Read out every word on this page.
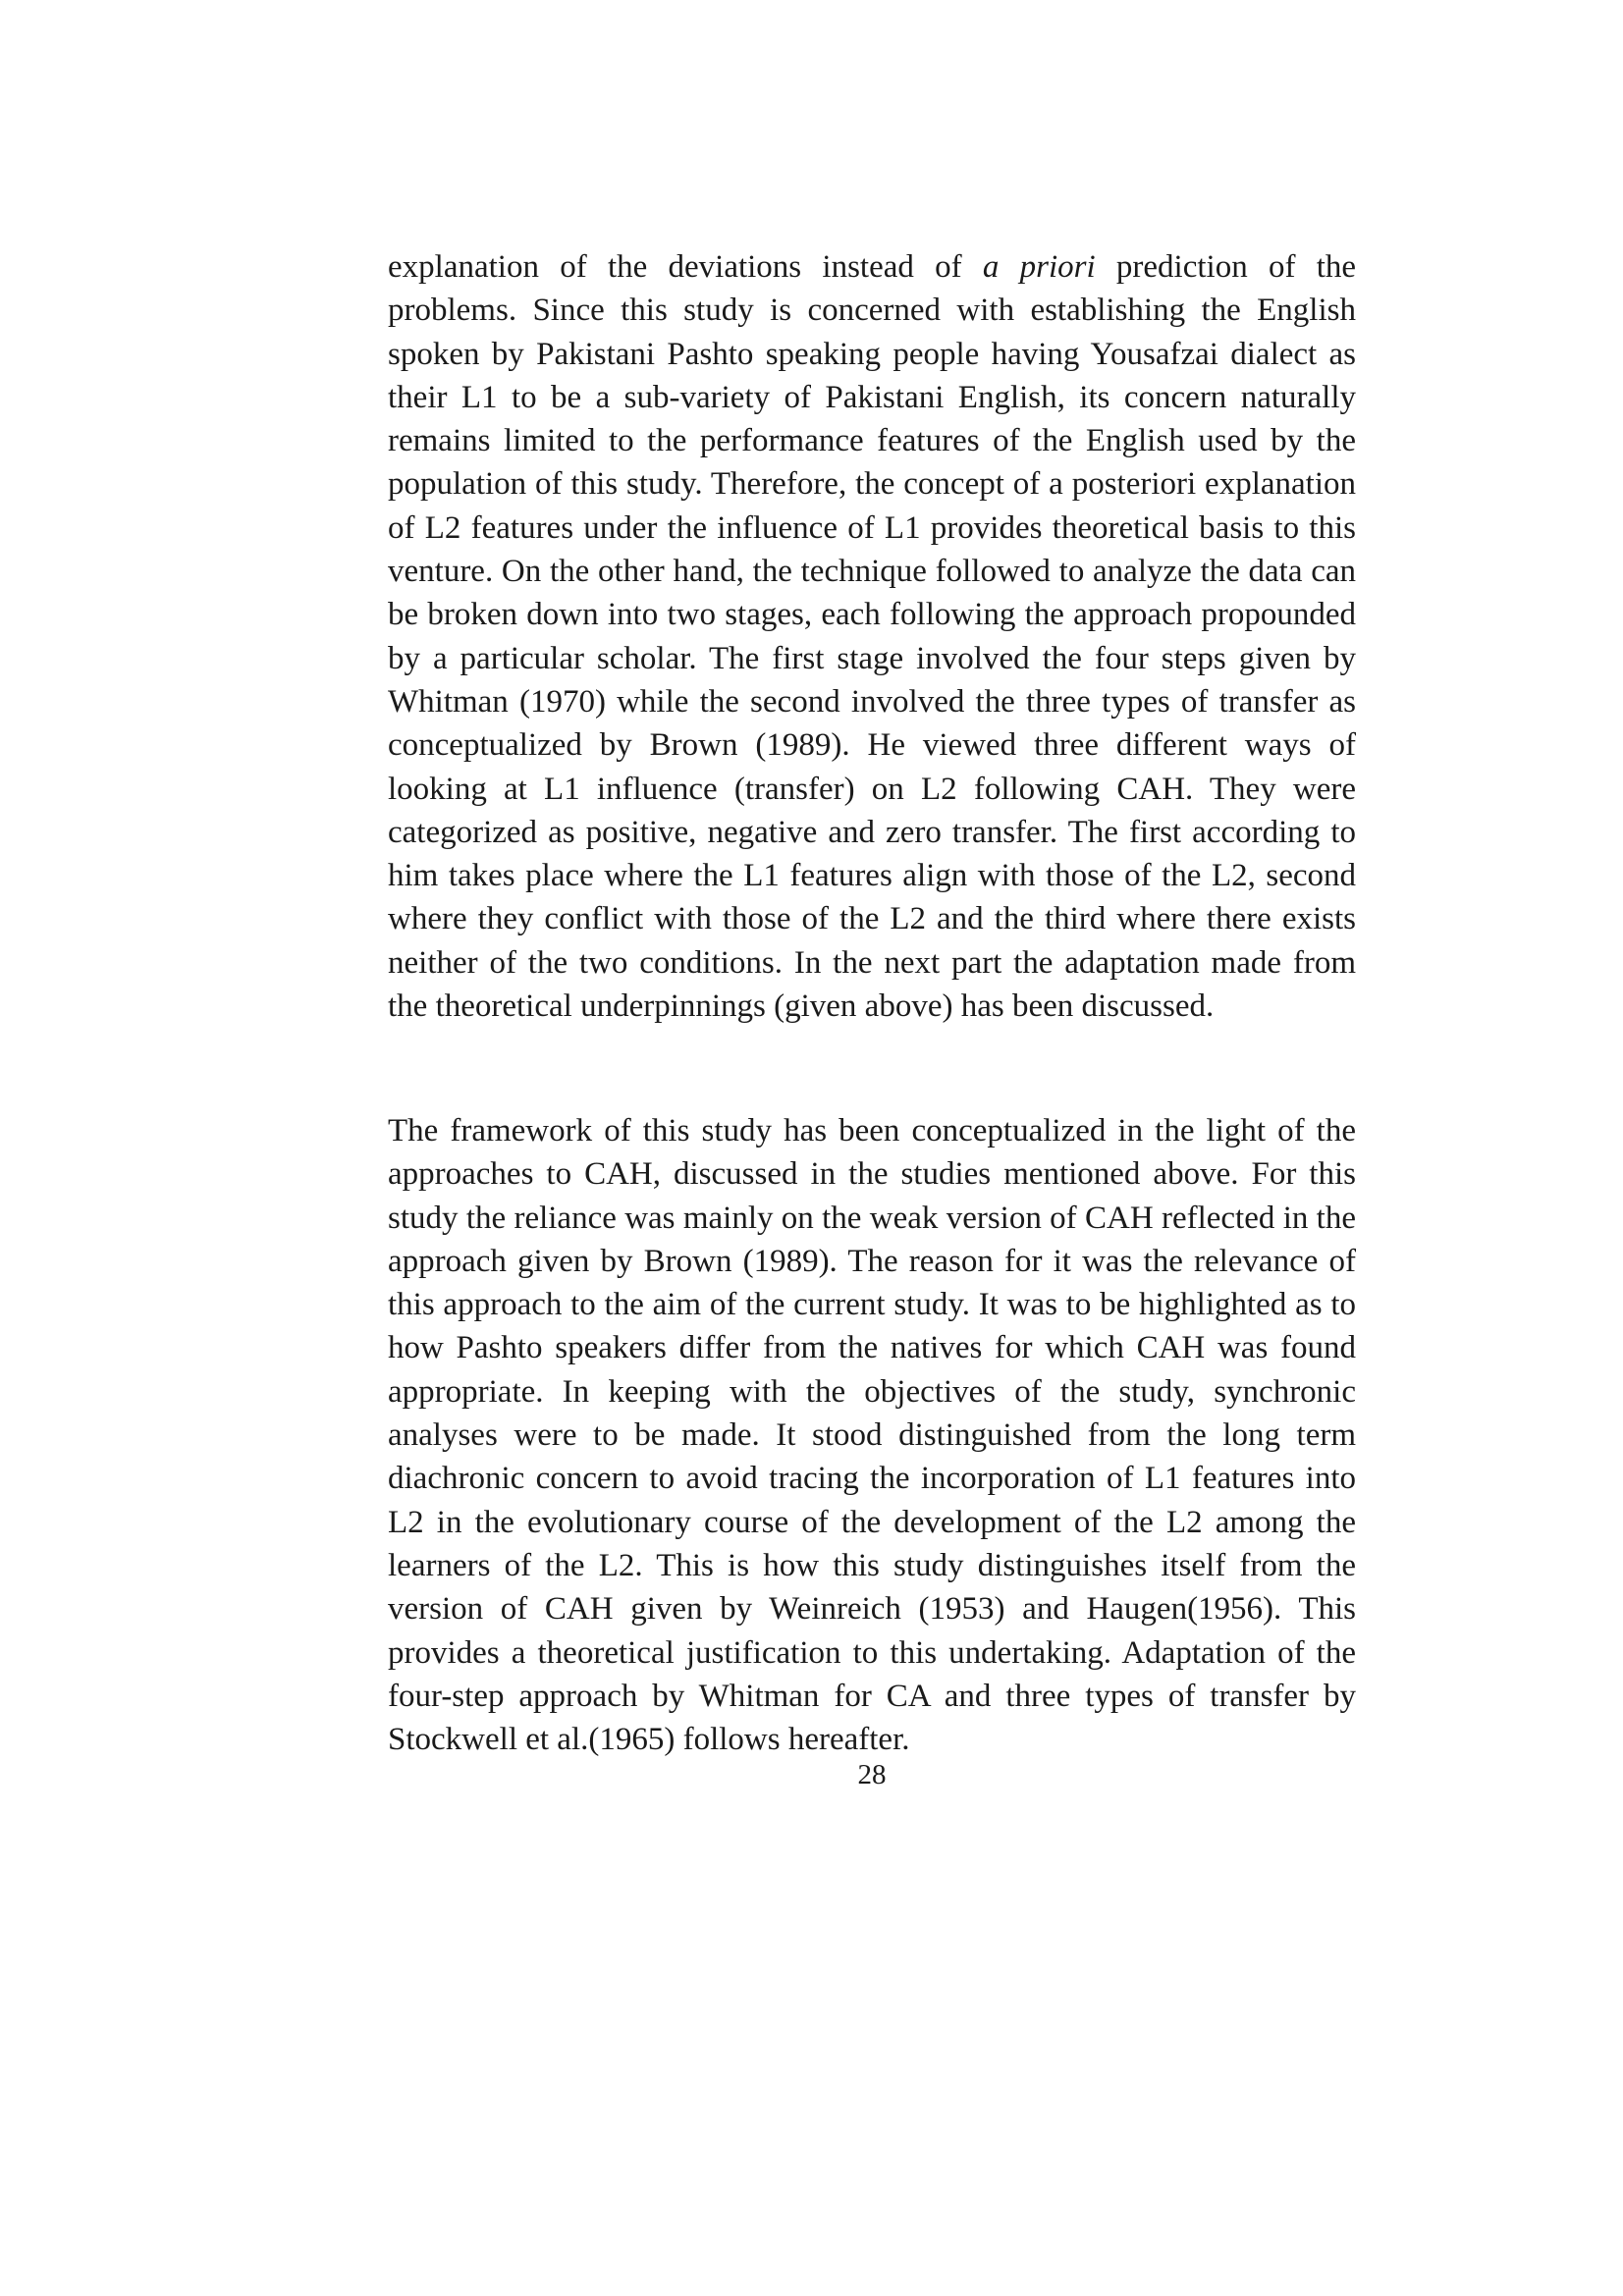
explanation of the deviations instead of a priori prediction of the problems. Since this study is concerned with establishing the English spoken by Pakistani Pashto speaking people having Yousafzai dialect as their L1 to be a sub-variety of Pakistani English, its concern naturally remains limited to the performance features of the English used by the population of this study. Therefore, the concept of a posteriori explanation of L2 features under the influence of L1 provides theoretical basis to this venture. On the other hand, the technique followed to analyze the data can be broken down into two stages, each following the approach propounded by a particular scholar. The first stage involved the four steps given by Whitman (1970) while the second involved the three types of transfer as conceptualized by Brown (1989). He viewed three different ways of looking at L1 influence (transfer) on L2 following CAH. They were categorized as positive, negative and zero transfer. The first according to him takes place where the L1 features align with those of the L2, second where they conflict with those of the L2 and the third where there exists neither of the two conditions. In the next part the adaptation made from the theoretical underpinnings (given above) has been discussed.

The framework of this study has been conceptualized in the light of the approaches to CAH, discussed in the studies mentioned above. For this study the reliance was mainly on the weak version of CAH reflected in the approach given by Brown (1989). The reason for it was the relevance of this approach to the aim of the current study. It was to be highlighted as to how Pashto speakers differ from the natives for which CAH was found appropriate. In keeping with the objectives of the study, synchronic analyses were to be made. It stood distinguished from the long term diachronic concern to avoid tracing the incorporation of L1 features into L2 in the evolutionary course of the development of the L2 among the learners of the L2. This is how this study distinguishes itself from the version of CAH given by Weinreich (1953) and Haugen(1956). This provides a theoretical justification to this undertaking. Adaptation of the four-step approach by Whitman for CA and three types of transfer by Stockwell et al.(1965) follows hereafter.

28
